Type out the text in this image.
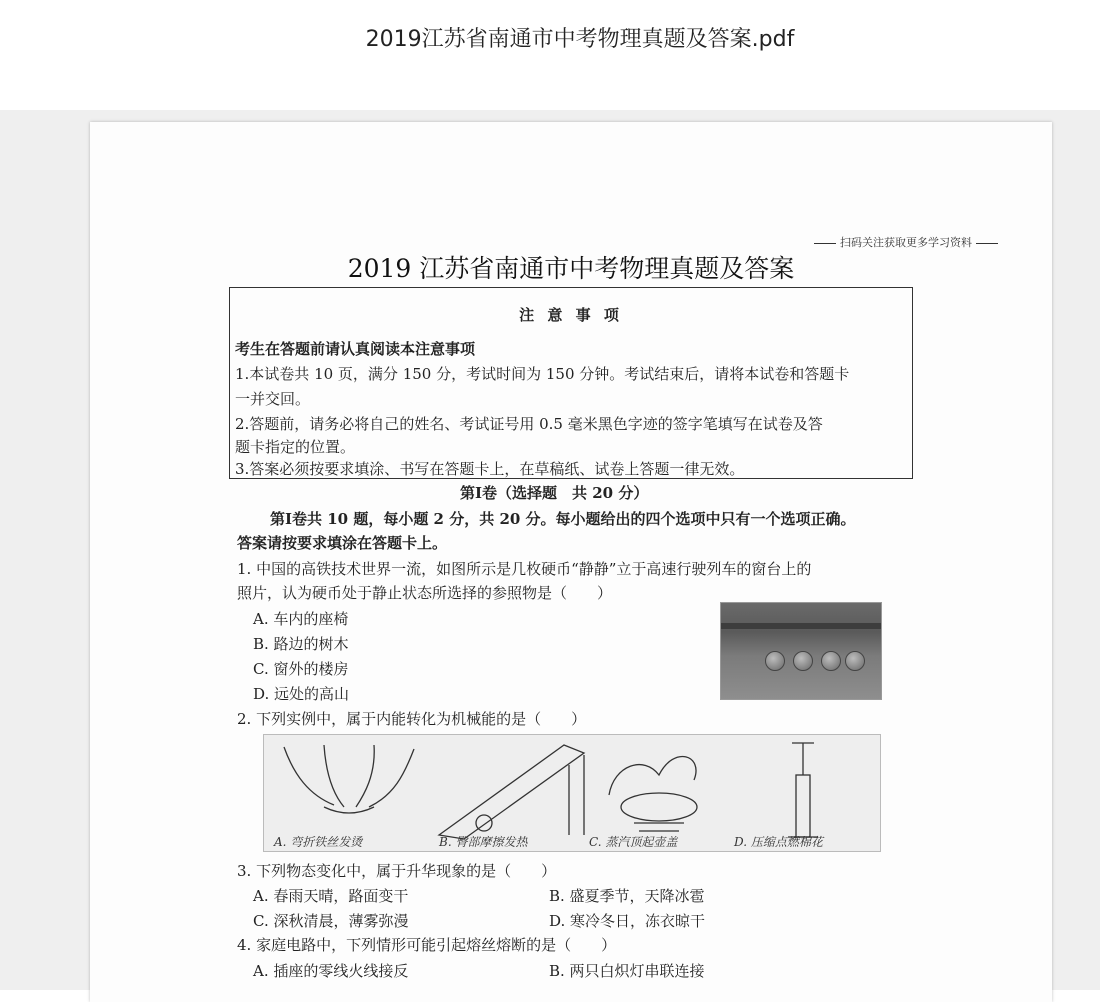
2019江苏省南通市中考物理真题及答案.pdf
扫码关注获取更多学习资料
2019 江苏省南通市中考物理真题及答案
注 意 事 项
考生在答题前请认真阅读本注意事项
1.本试卷共 10 页，满分 150 分，考试时间为 150 分钟。考试结束后，请将本试卷和答题卡
一并交回。
2.答题前，请务必将自己的姓名、考试证号用 0.5 毫米黑色字迹的签字笔填写在试卷及答
题卡指定的位置。
3.答案必须按要求填涂、书写在答题卡上，在草稿纸、试卷上答题一律无效。
第Ⅰ卷（选择题　共 20 分）
第Ⅰ卷共 10 题，每小题 2 分，共 20 分。每小题给出的四个选项中只有一个选项正确。
答案请按要求填涂在答题卡上。
1. 中国的高铁技术世界一流，如图所示是几枚硬币“静静”立于高速行驶列车的窗台上的
照片，认为硬币处于静止状态所选择的参照物是（　　）
A. 车内的座椅
B. 路边的树木
C. 窗外的楼房
D. 远处的高山
2. 下列实例中，属于内能转化为机械能的是（　　）
A. 弯折铁丝发烫	B. 臀部摩擦发热	C. 蒸汽顶起壶盖	D. 压缩点燃棉花
3. 下列物态变化中，属于升华现象的是（　　）
A. 春雨天晴，路面变干	B. 盛夏季节，天降冰雹
C. 深秋清晨，薄雾弥漫	D. 寒冷冬日，冻衣晾干
4. 家庭电路中，下列情形可能引起熔丝熔断的是（　　）
A. 插座的零线火线接反	B. 两只白炽灯串联连接
